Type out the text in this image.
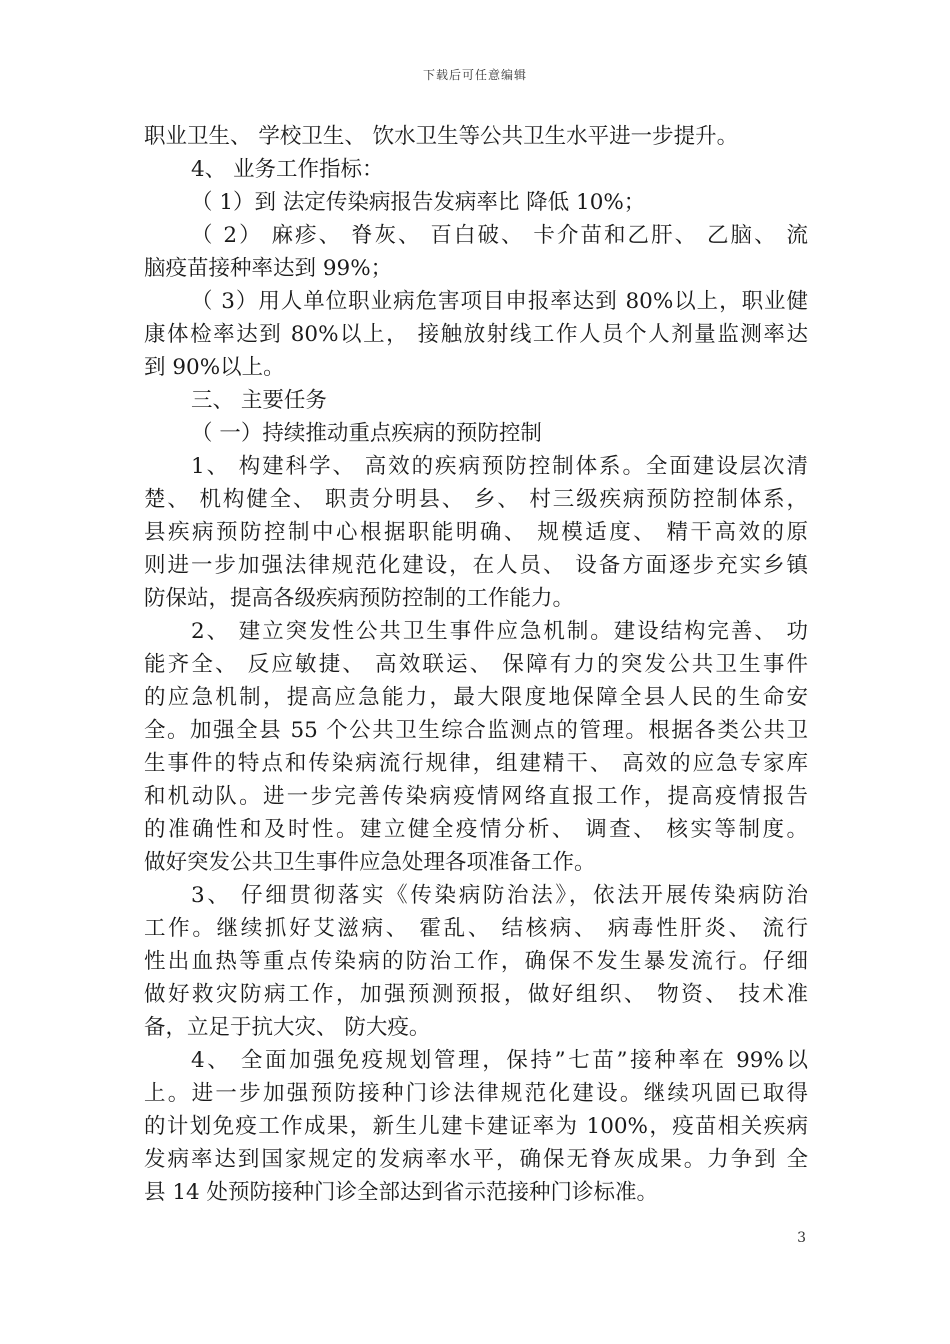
下载后可任意编辑
职业卫生、 学校卫生、 饮水卫生等公共卫生水平进一步提升。
4、 业务工作指标：
（ 1）到 法定传染病报告发病率比 降低 10%；
（ 2） 麻疹、 脊灰、 百白破、 卡介苗和乙肝、 乙脑、 流
脑疫苗接种率达到 99%；
（ 3）用人单位职业病危害项目申报率达到 80%以上，职业健
康体检率达到 80%以上， 接触放射线工作人员个人剂量监测率达
到 90%以上。
三、 主要任务
（ 一）持续推动重点疾病的预防控制
1、 构建科学、 高效的疾病预防控制体系。全面建设层次清
楚、 机构健全、 职责分明县、 乡、 村三级疾病预防控制体系，
县疾病预防控制中心根据职能明确、 规模适度、 精干高效的原
则进一步加强法律规范化建设，在人员、 设备方面逐步充实乡镇
防保站，提高各级疾病预防控制的工作能力。
2、 建立突发性公共卫生事件应急机制。建设结构完善、 功
能齐全、 反应敏捷、 高效联运、 保障有力的突发公共卫生事件
的应急机制，提高应急能力，最大限度地保障全县人民的生命安
全。加强全县 55 个公共卫生综合监测点的管理。根据各类公共卫
生事件的特点和传染病流行规律，组建精干、 高效的应急专家库
和机动队。进一步完善传染病疫情网络直报工作，提高疫情报告
的准确性和及时性。建立健全疫情分析、 调查、 核实等制度。
做好突发公共卫生事件应急处理各项准备工作。
3、 仔细贯彻落实《传染病防治法》，依法开展传染病防治
工作。继续抓好艾滋病、 霍乱、 结核病、 病毒性肝炎、 流行
性出血热等重点传染病的防治工作，确保不发生暴发流行。仔细
做好救灾防病工作，加强预测预报，做好组织、 物资、 技术准
备，立足于抗大灾、 防大疫。
4、 全面加强免疫规划管理，保持”七苗”接种率在 99%以
上。进一步加强预防接种门诊法律规范化建设。继续巩固已取得
的计划免疫工作成果，新生儿建卡建证率为 100%，疫苗相关疾病
发病率达到国家规定的发病率水平，确保无脊灰成果。力争到 全
县 14 处预防接种门诊全部达到省示范接种门诊标准。
3
